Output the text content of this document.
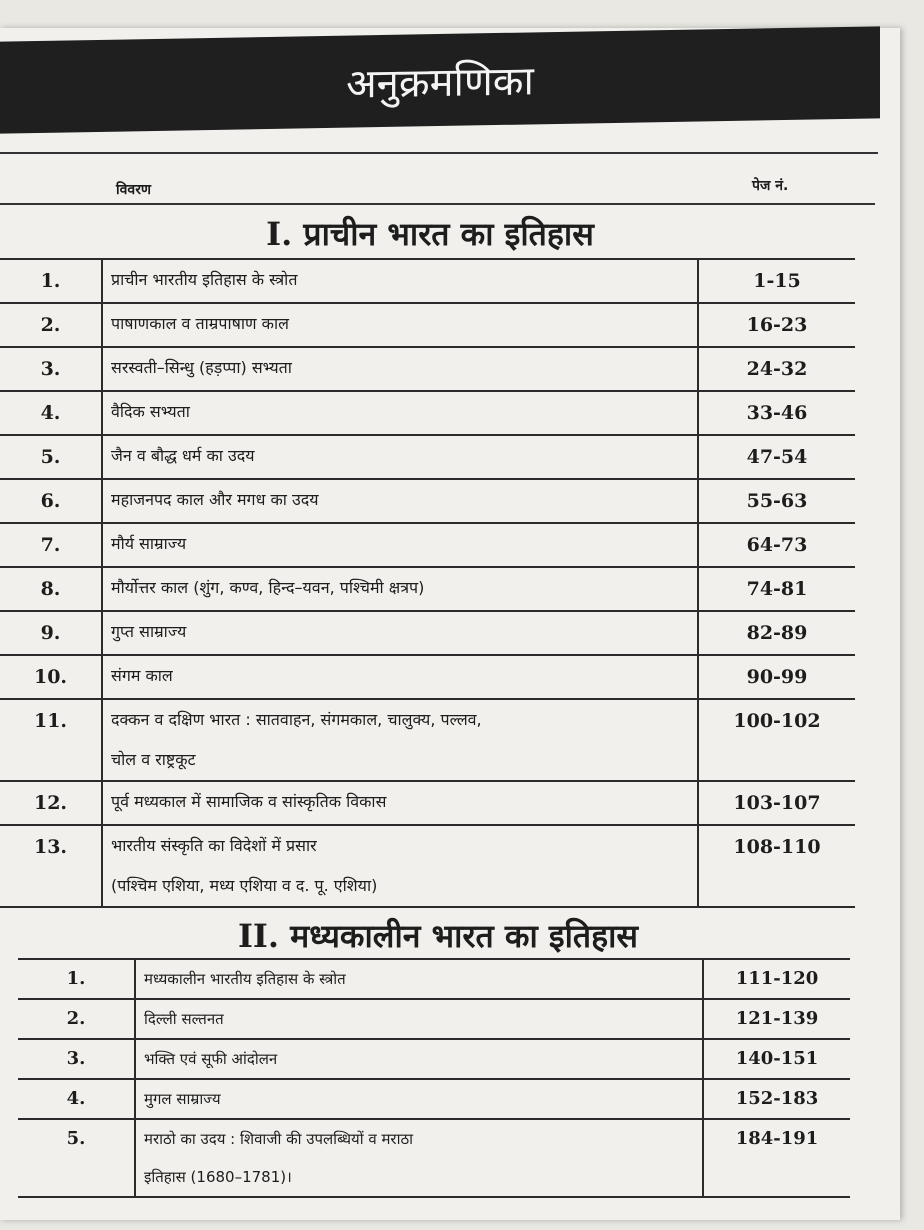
अनुक्रमणिका
विवरण	पेज नं.
I. प्राचीन भारत का इतिहास
1.	प्राचीन भारतीय इतिहास के स्त्रोत	1-15
2.	पाषाणकाल व ताम्रपाषाण काल	16-23
3.	सरस्वती–सिन्धु (हड़प्पा) सभ्यता	24-32
4.	वैदिक सभ्यता	33-46
5.	जैन व बौद्ध धर्म का उदय	47-54
6.	महाजनपद काल और मगध का उदय	55-63
7.	मौर्य साम्राज्य	64-73
8.	मौर्योत्तर काल (शुंग, कण्व, हिन्द–यवन, पश्चिमी क्षत्रप)	74-81
9.	गुप्त साम्राज्य	82-89
10.	संगम काल	90-99
11.	दक्कन व दक्षिण भारत : सातवाहन, संगमकाल, चालुक्य, पल्लव,
चोल व राष्ट्रकूट	100-102
12.	पूर्व मध्यकाल में सामाजिक व सांस्कृतिक विकास	103-107
13.	भारतीय संस्कृति का विदेशों में प्रसार
(पश्चिम एशिया, मध्य एशिया व द. पू. एशिया)	108-110
II. मध्यकालीन भारत का इतिहास
1.	मध्यकालीन भारतीय इतिहास के स्त्रोत	111-120
2.	दिल्ली सल्तनत	121-139
3.	भक्ति एवं सूफी आंदोलन	140-151
4.	मुगल साम्राज्य	152-183
5.	मराठो का उदय : शिवाजी की उपलब्धियों व मराठा
इतिहास (1680–1781)।	184-191
